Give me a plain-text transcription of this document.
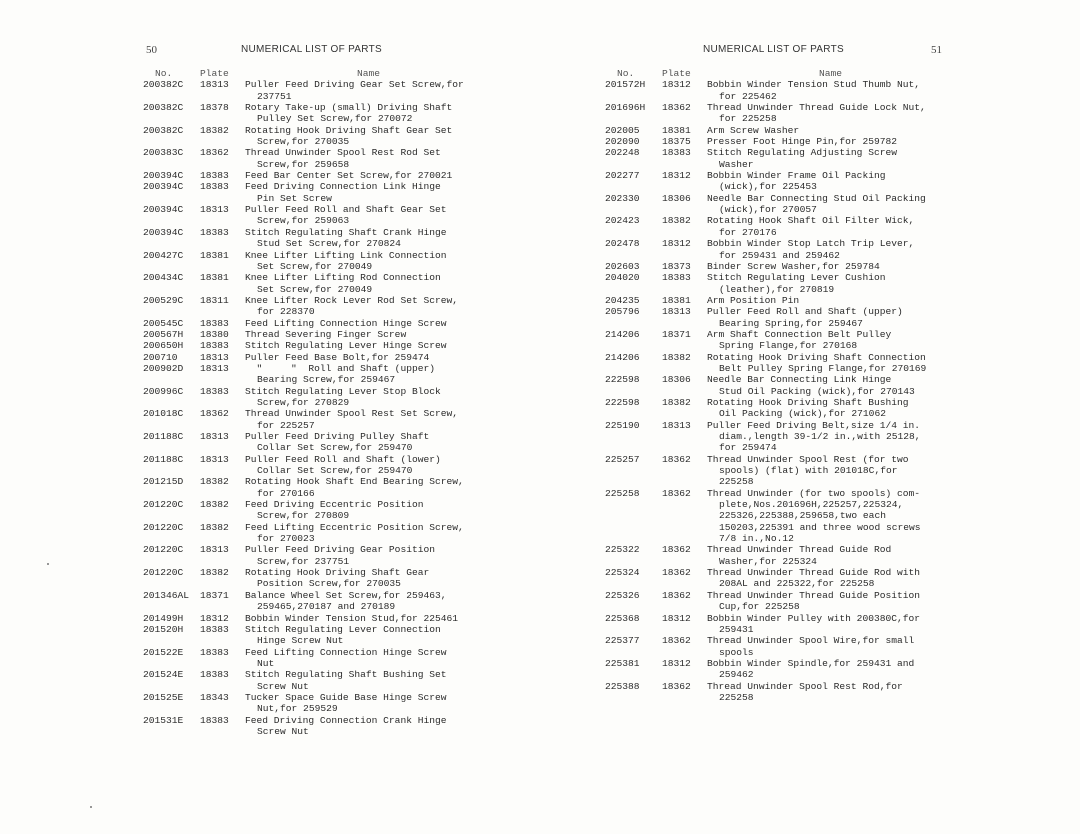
50	NUMERICAL LIST OF PARTS	NUMERICAL LIST OF PARTS	51
No.	Plate	Name
200382C	18313	Puller Feed Driving Gear Set Screw,for
237751
200382C	18378	Rotary Take-up (small) Driving Shaft
Pulley Set Screw,for 270072
200382C	18382	Rotating Hook Driving Shaft Gear Set
Screw,for 270035
200383C	18362	Thread Unwinder Spool Rest Rod Set
Screw,for 259658
200394C	18383	Feed Bar Center Set Screw,for 270021
200394C	18383	Feed Driving Connection Link Hinge
Pin Set Screw
200394C	18313	Puller Feed Roll and Shaft Gear Set
Screw,for 259063
200394C	18383	Stitch Regulating Shaft Crank Hinge
Stud Set Screw,for 270824
200427C	18381	Knee Lifter Lifting Link Connection
Set Screw,for 270049
200434C	18381	Knee Lifter Lifting Rod Connection
Set Screw,for 270049
200529C	18311	Knee Lifter Rock Lever Rod Set Screw,
for 228370
200545C	18383	Feed Lifting Connection Hinge Screw
200567H	18380	Thread Severing Finger Screw
200650H	18383	Stitch Regulating Lever Hinge Screw
200710	18313	Puller Feed Base Bolt,for 259474
200902D	18313	"     "  Roll and Shaft (upper)
Bearing Screw,for 259467
200996C	18383	Stitch Regulating Lever Stop Block
Screw,for 270829
201018C	18362	Thread Unwinder Spool Rest Set Screw,
for 225257
201188C	18313	Puller Feed Driving Pulley Shaft
Collar Set Screw,for 259470
201188C	18313	Puller Feed Roll and Shaft (lower)
Collar Set Screw,for 259470
201215D	18382	Rotating Hook Shaft End Bearing Screw,
for 270166
201220C	18382	Feed Driving Eccentric Position
Screw,for 270809
201220C	18382	Feed Lifting Eccentric Position Screw,
for 270023
201220C	18313	Puller Feed Driving Gear Position
Screw,for 237751
201220C	18382	Rotating Hook Driving Shaft Gear
Position Screw,for 270035
201346AL	18371	Balance Wheel Set Screw,for 259463,
259465,270187 and 270189
201499H	18312	Bobbin Winder Tension Stud,for 225461
201520H	18383	Stitch Regulating Lever Connection
Hinge Screw Nut
201522E	18383	Feed Lifting Connection Hinge Screw
Nut
201524E	18383	Stitch Regulating Shaft Bushing Set
Screw Nut
201525E	18343	Tucker Space Guide Base Hinge Screw
Nut,for 259529
201531E	18383	Feed Driving Connection Crank Hinge
Screw Nut
No.	Plate	Name
201572H	18312	Bobbin Winder Tension Stud Thumb Nut,
for 225462
201696H	18362	Thread Unwinder Thread Guide Lock Nut,
for 225258
202005	18381	Arm Screw Washer
202090	18375	Presser Foot Hinge Pin,for 259782
202248	18383	Stitch Regulating Adjusting Screw
Washer
202277	18312	Bobbin Winder Frame Oil Packing
(wick),for 225453
202330	18306	Needle Bar Connecting Stud Oil Packing
(wick),for 270057
202423	18382	Rotating Hook Shaft Oil Filter Wick,
for 270176
202478	18312	Bobbin Winder Stop Latch Trip Lever,
for 259431 and 259462
202603	18373	Binder Screw Washer,for 259784
204020	18383	Stitch Regulating Lever Cushion
(leather),for 270819
204235	18381	Arm Position Pin
205796	18313	Puller Feed Roll and Shaft (upper)
Bearing Spring,for 259467
214206	18371	Arm Shaft Connection Belt Pulley
Spring Flange,for 270168
214206	18382	Rotating Hook Driving Shaft Connection
Belt Pulley Spring Flange,for 270169
222598	18306	Needle Bar Connecting Link Hinge
Stud Oil Packing (wick),for 270143
222598	18382	Rotating Hook Driving Shaft Bushing
Oil Packing (wick),for 271062
225190	18313	Puller Feed Driving Belt,size 1/4 in.
diam.,length 39-1/2 in.,with 25128,
for 259474
225257	18362	Thread Unwinder Spool Rest (for two
spools) (flat) with 201018C,for
225258
225258	18362	Thread Unwinder (for two spools) com-
plete,Nos.201696H,225257,225324,
225326,225388,259658,two each
150203,225391 and three wood screws
7/8 in.,No.12
225322	18362	Thread Unwinder Thread Guide Rod
Washer,for 225324
225324	18362	Thread Unwinder Thread Guide Rod with
208AL and 225322,for 225258
225326	18362	Thread Unwinder Thread Guide Position
Cup,for 225258
225368	18312	Bobbin Winder Pulley with 200380C,for
259431
225377	18362	Thread Unwinder Spool Wire,for small
spools
225381	18312	Bobbin Winder Spindle,for 259431 and
259462
225388	18362	Thread Unwinder Spool Rest Rod,for
225258
